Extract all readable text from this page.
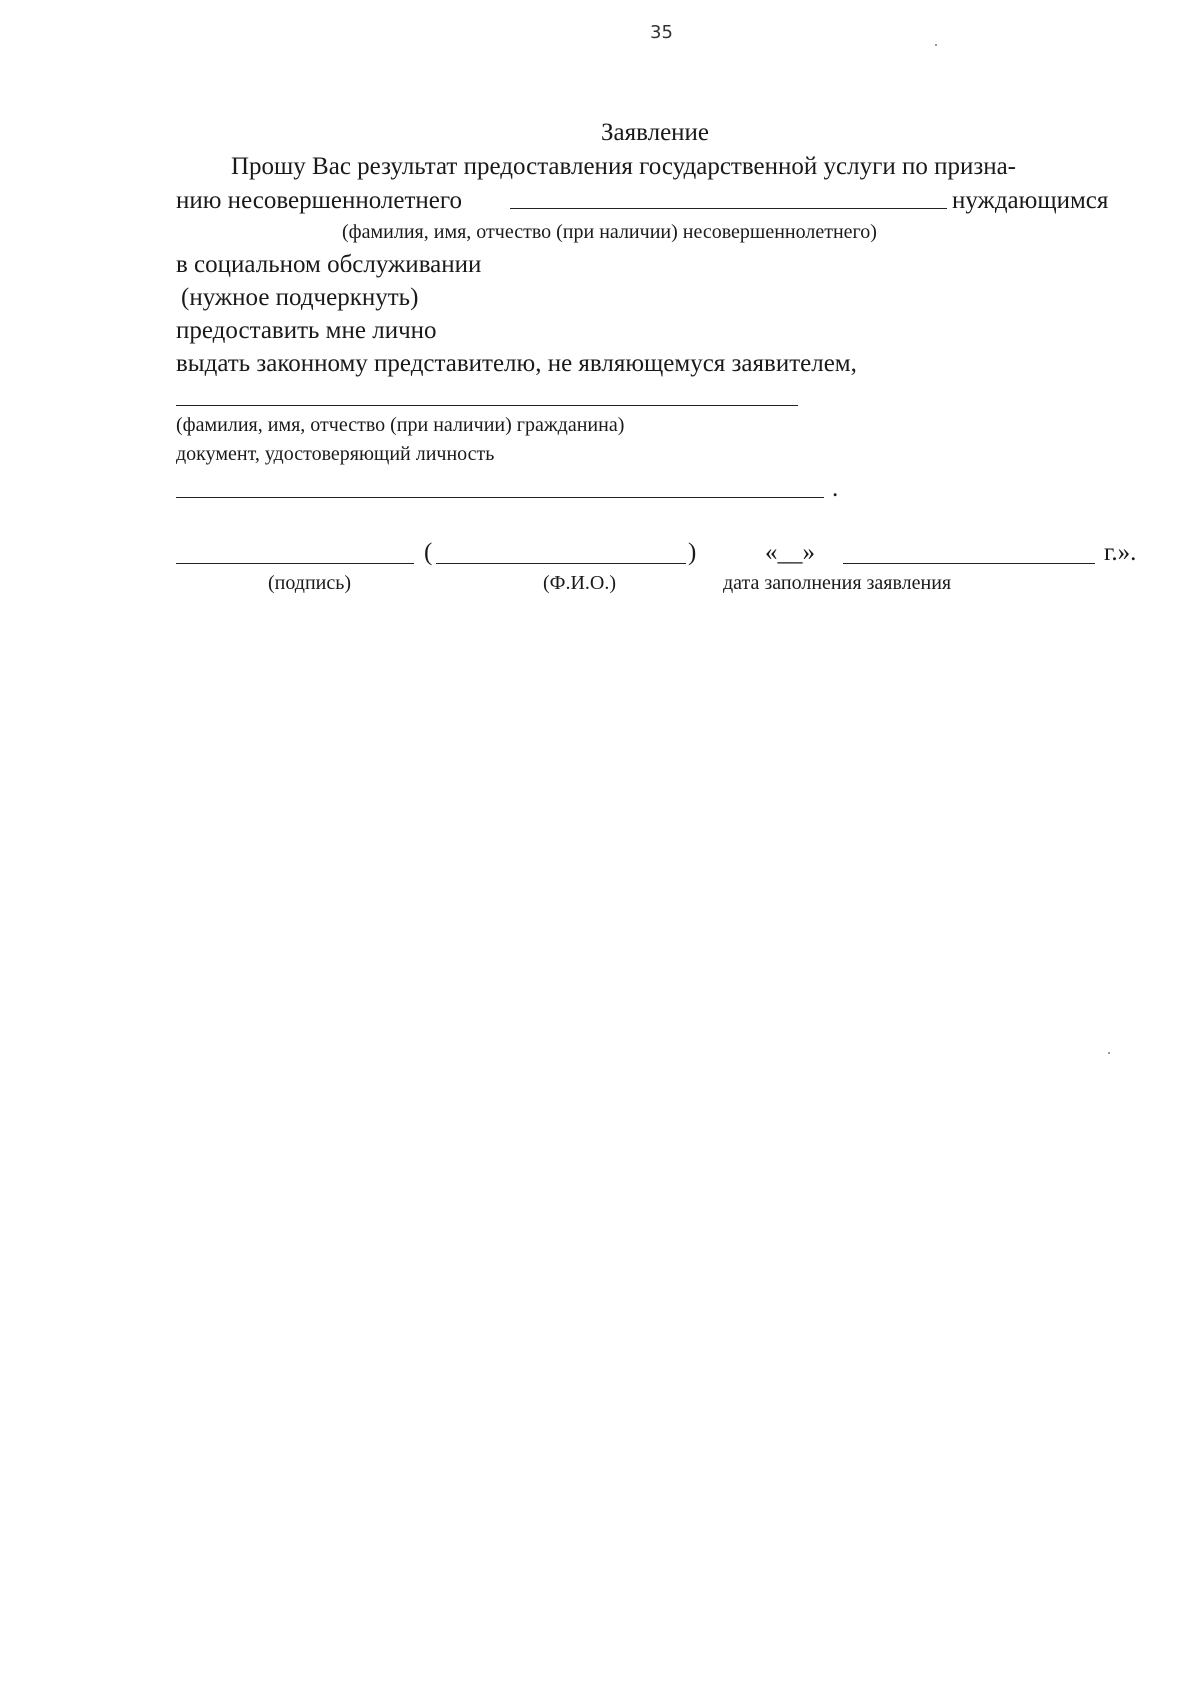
35
Заявление
Прошу Вас результат предоставления государственной услуги по призна-
нию несовершеннолетнего	нуждающимся
(фамилия, имя, отчество (при наличии) несовершеннолетнего)
в социальном обслуживании
(нужное подчеркнуть)
предоставить мне лично
выдать законному представителю, не являющемуся заявителем,
(фамилия, имя, отчество (при наличии) гражданина)
документ, удостоверяющий личность
.
(	)	«__»	г.».
(подпись)	(Ф.И.О.)	дата заполнения заявления
